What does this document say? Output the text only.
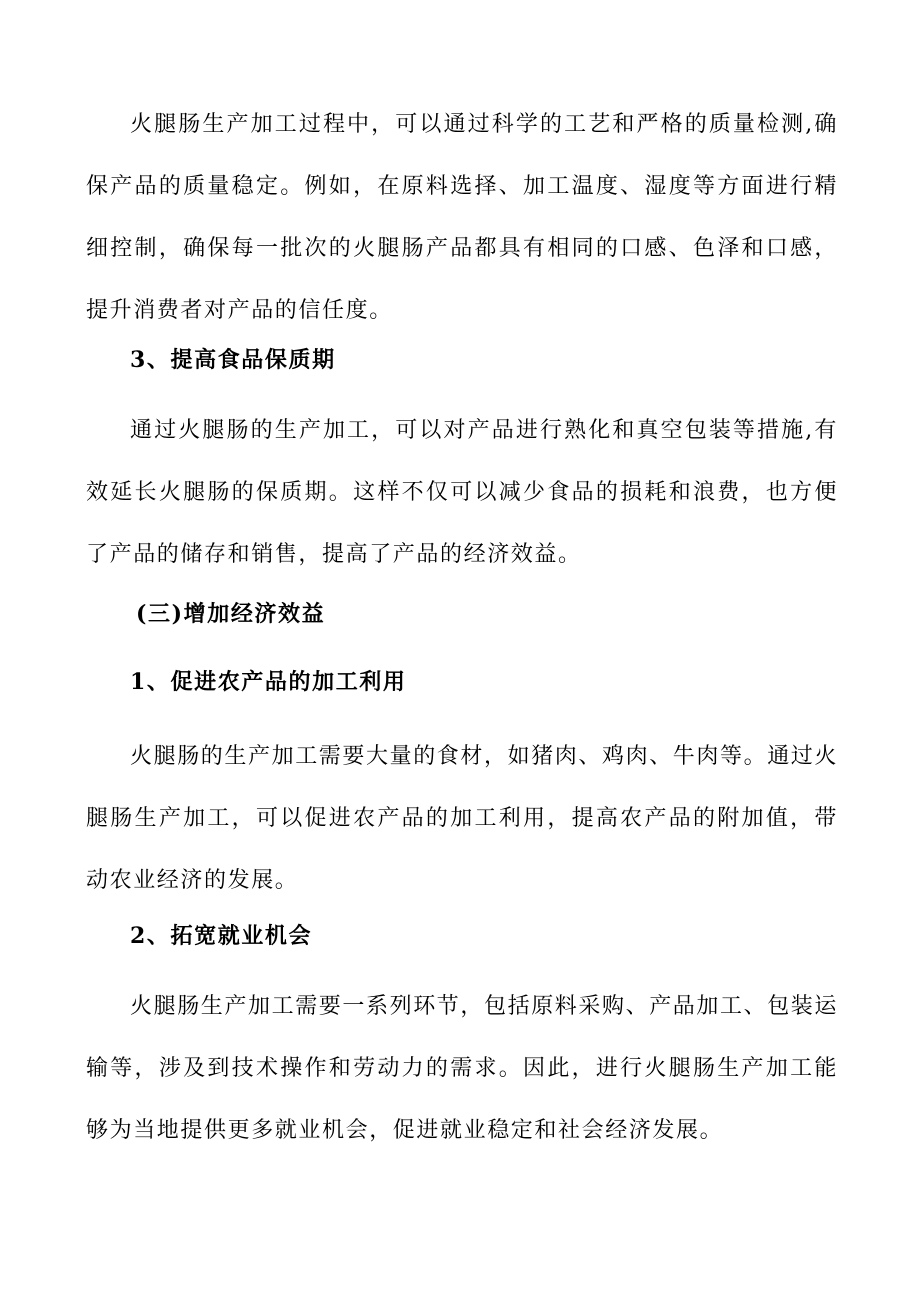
火腿肠生产加工过程中，可以通过科学的工艺和严格的质量检测,确保产品的质量稳定。例如，在原料选择、加工温度、湿度等方面进行精细控制，确保每一批次的火腿肠产品都具有相同的口感、色泽和口感，提升消费者对产品的信任度。

3、提高食品保质期

通过火腿肠的生产加工，可以对产品进行熟化和真空包装等措施,有效延长火腿肠的保质期。这样不仅可以减少食品的损耗和浪费，也方便了产品的储存和销售，提高了产品的经济效益。

(三)增加经济效益
1、促进农产品的加工利用

火腿肠的生产加工需要大量的食材，如猪肉、鸡肉、牛肉等。通过火腿肠生产加工，可以促进农产品的加工利用，提高农产品的附加值，带动农业经济的发展。

2、拓宽就业机会

火腿肠生产加工需要一系列环节，包括原料采购、产品加工、包装运输等，涉及到技术操作和劳动力的需求。因此，进行火腿肠生产加工能够为当地提供更多就业机会，促进就业稳定和社会经济发展。
